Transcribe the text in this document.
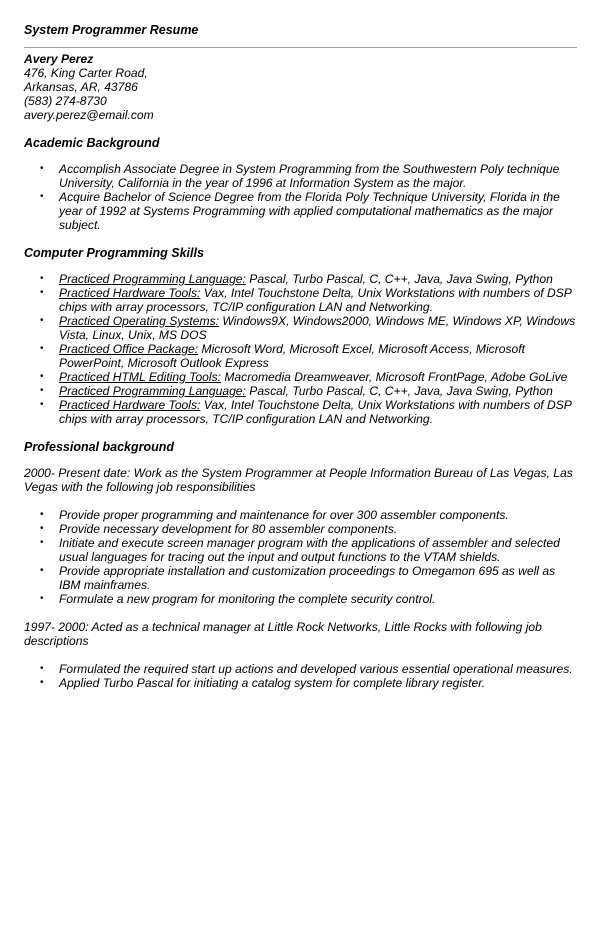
System Programmer Resume

Avery Perez

476, King Carter Road,

Arkansas, AR, 43786

(583) 274-8730

avery.perez@email.com

Academic Background
• Accomplish Associate Degree in System Programming from the Southwestern Poly technique University, California in the year of 1996 at Information System as the major.
• Acquire Bachelor of Science Degree from the Florida Poly Technique University, Florida in the year of 1992 at Systems Programming with applied computational mathematics as the major subject.
Computer Programming Skills
• Practiced Programming Language: Pascal, Turbo Pascal, C, C++, Java, Java Swing, Python
• Practiced Hardware Tools: Vax, Intel Touchstone Delta, Unix Workstations with numbers of DSP chips with array processors, TC/IP configuration LAN and Networking.
• Practiced Operating Systems: Windows9X, Windows2000, Windows ME, Windows XP, Windows Vista, Linux, Unix, MS DOS
• Practiced Office Package: Microsoft Word, Microsoft Excel, Microsoft Access, Microsoft PowerPoint, Microsoft Outlook Express
• Practiced HTML Editing Tools: Macromedia Dreamweaver, Microsoft FrontPage, Adobe GoLive
• Practiced Programming Language: Pascal, Turbo Pascal, C, C++, Java, Java Swing, Python
• Practiced Hardware Tools: Vax, Intel Touchstone Delta, Unix Workstations with numbers of DSP chips with array processors, TC/IP configuration LAN and Networking.
Professional background

2000- Present date: Work as the System Programmer at People Information Bureau of Las Vegas, Las Vegas with the following job responsibilities

• Provide proper programming and maintenance for over 300 assembler components.
• Provide necessary development for 80 assembler components.
• Initiate and execute screen manager program with the applications of assembler and selected usual languages for tracing out the input and output functions to the VTAM shields.
• Provide appropriate installation and customization proceedings to Omegamon 695 as well as IBM mainframes.
• Formulate a new program for monitoring the complete security control.

1997- 2000: Acted as a technical manager at Little Rock Networks, Little Rocks with following job descriptions

• Formulated the required start up actions and developed various essential operational measures.
• Applied Turbo Pascal for initiating a catalog system for complete library register.
